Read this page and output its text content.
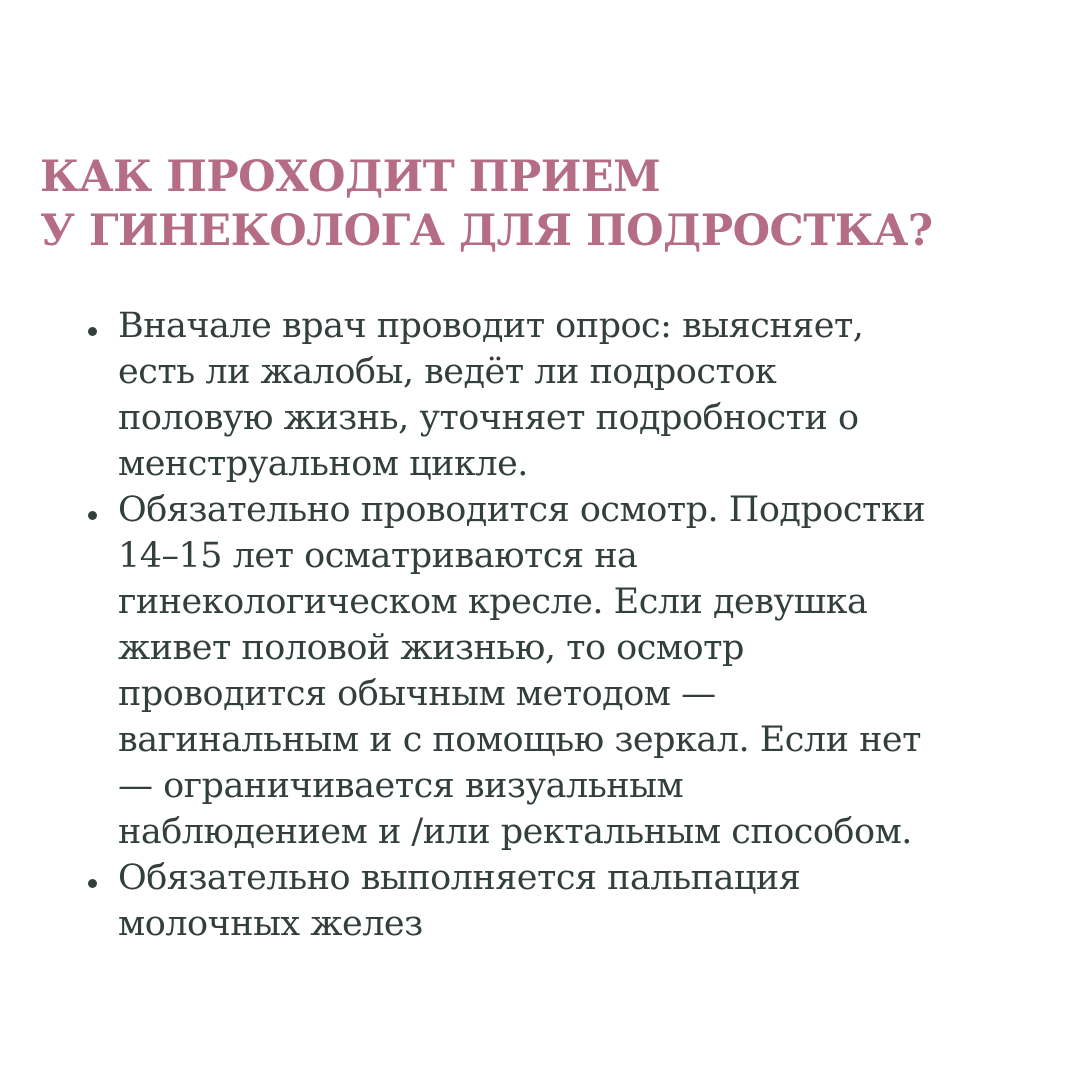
КАК ПРОХОДИТ ПРИЕМ
У ГИНЕКОЛОГА ДЛЯ ПОДРОСТКА?
Вначале врач проводит опрос: выясняет,
есть ли жалобы, ведёт ли подросток
половую жизнь, уточняет подробности о
менструальном цикле.
Обязательно проводится осмотр. Подростки
14–15 лет осматриваются на
гинекологическом кресле. Если девушка
живет половой жизнью, то осмотр
проводится обычным методом —
вагинальным и с помощью зеркал. Если нет
— ограничивается визуальным
наблюдением и /или ректальным способом.
Обязательно выполняется пальпация
молочных желез
